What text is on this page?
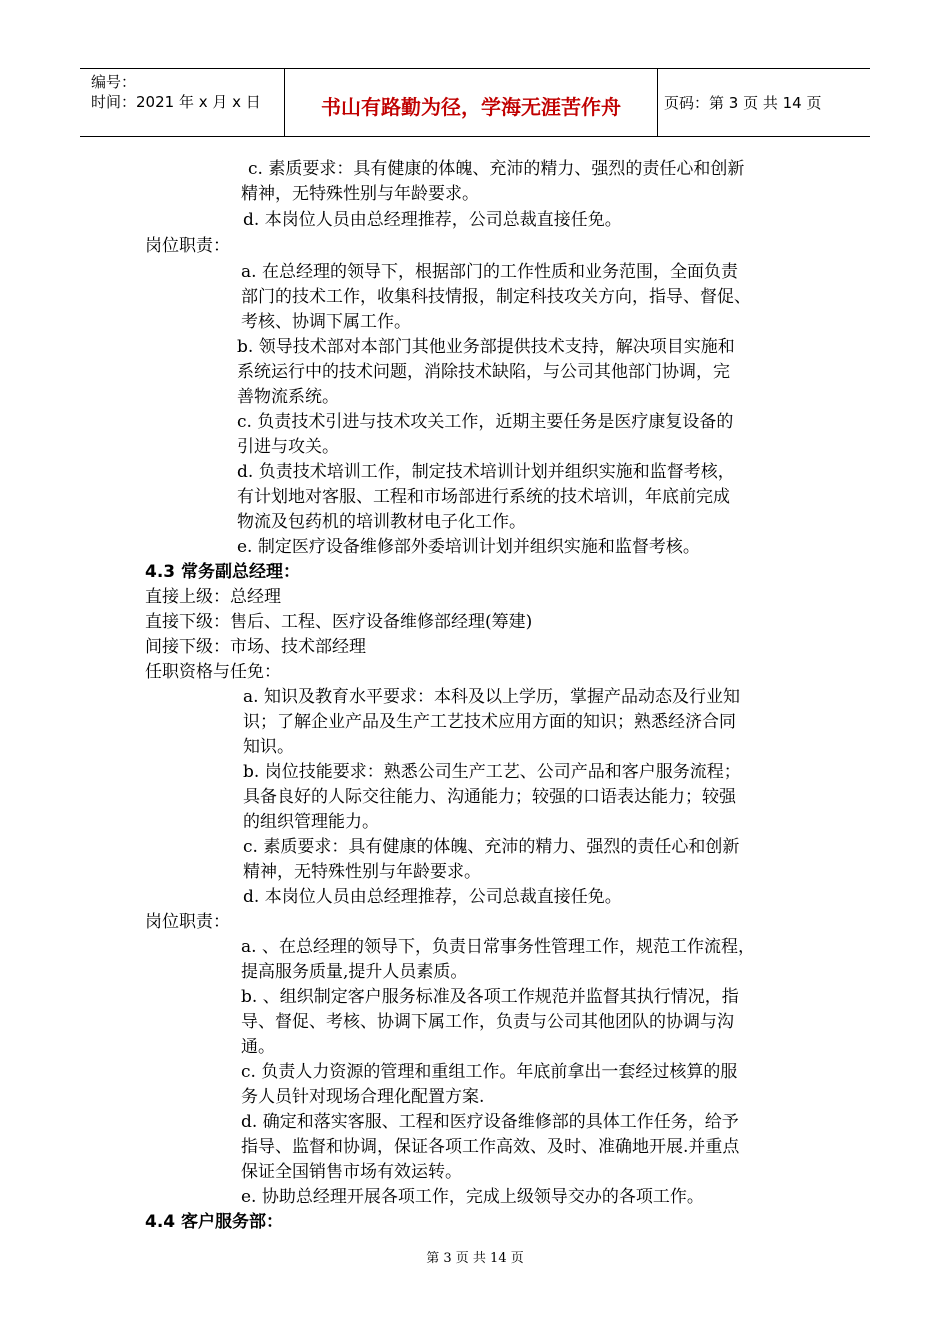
编号：
时间：2021 年 x 月 x 日	书山有路勤为径，学海无涯苦作舟	页码：第 3 页 共 14 页
c. 素质要求：具有健康的体魄、充沛的精力、强烈的责任心和创新
精神，无特殊性别与年龄要求。
d. 本岗位人员由总经理推荐，公司总裁直接任免。
岗位职责：
a. 在总经理的领导下，根据部门的工作性质和业务范围，全面负责
部门的技术工作，收集科技情报，制定科技攻关方向，指导、督促、
考核、协调下属工作。
b. 领导技术部对本部门其他业务部提供技术支持，解决项目实施和
系统运行中的技术问题，消除技术缺陷，与公司其他部门协调，完
善物流系统。
c. 负责技术引进与技术攻关工作，近期主要任务是医疗康复设备的
引进与攻关。
d. 负责技术培训工作，制定技术培训计划并组织实施和监督考核，
有计划地对客服、工程和市场部进行系统的技术培训，年底前完成
物流及包药机的培训教材电子化工作。
e. 制定医疗设备维修部外委培训计划并组织实施和监督考核。
4.3 常务副总经理：
直接上级：总经理
直接下级：售后、工程、医疗设备维修部经理(筹建)
间接下级：市场、技术部经理
任职资格与任免：
a. 知识及教育水平要求：本科及以上学历，掌握产品动态及行业知
识；了解企业产品及生产工艺技术应用方面的知识；熟悉经济合同
知识。
b. 岗位技能要求：熟悉公司生产工艺、公司产品和客户服务流程；
具备良好的人际交往能力、沟通能力；较强的口语表达能力；较强
的组织管理能力。
c. 素质要求：具有健康的体魄、充沛的精力、强烈的责任心和创新
精神，无特殊性别与年龄要求。
d. 本岗位人员由总经理推荐，公司总裁直接任免。
岗位职责：
a. 、在总经理的领导下，负责日常事务性管理工作，规范工作流程，
提高服务质量,提升人员素质。
b. 、组织制定客户服务标准及各项工作规范并监督其执行情况，指
导、督促、考核、协调下属工作，负责与公司其他团队的协调与沟
通。
c. 负责人力资源的管理和重组工作。年底前拿出一套经过核算的服
务人员针对现场合理化配置方案.
d. 确定和落实客服、工程和医疗设备维修部的具体工作任务，给予
指导、监督和协调，保证各项工作高效、及时、准确地开展.并重点
保证全国销售市场有效运转。
e. 协助总经理开展各项工作，完成上级领导交办的各项工作。
4.4 客户服务部：
第 3 页 共 14 页
